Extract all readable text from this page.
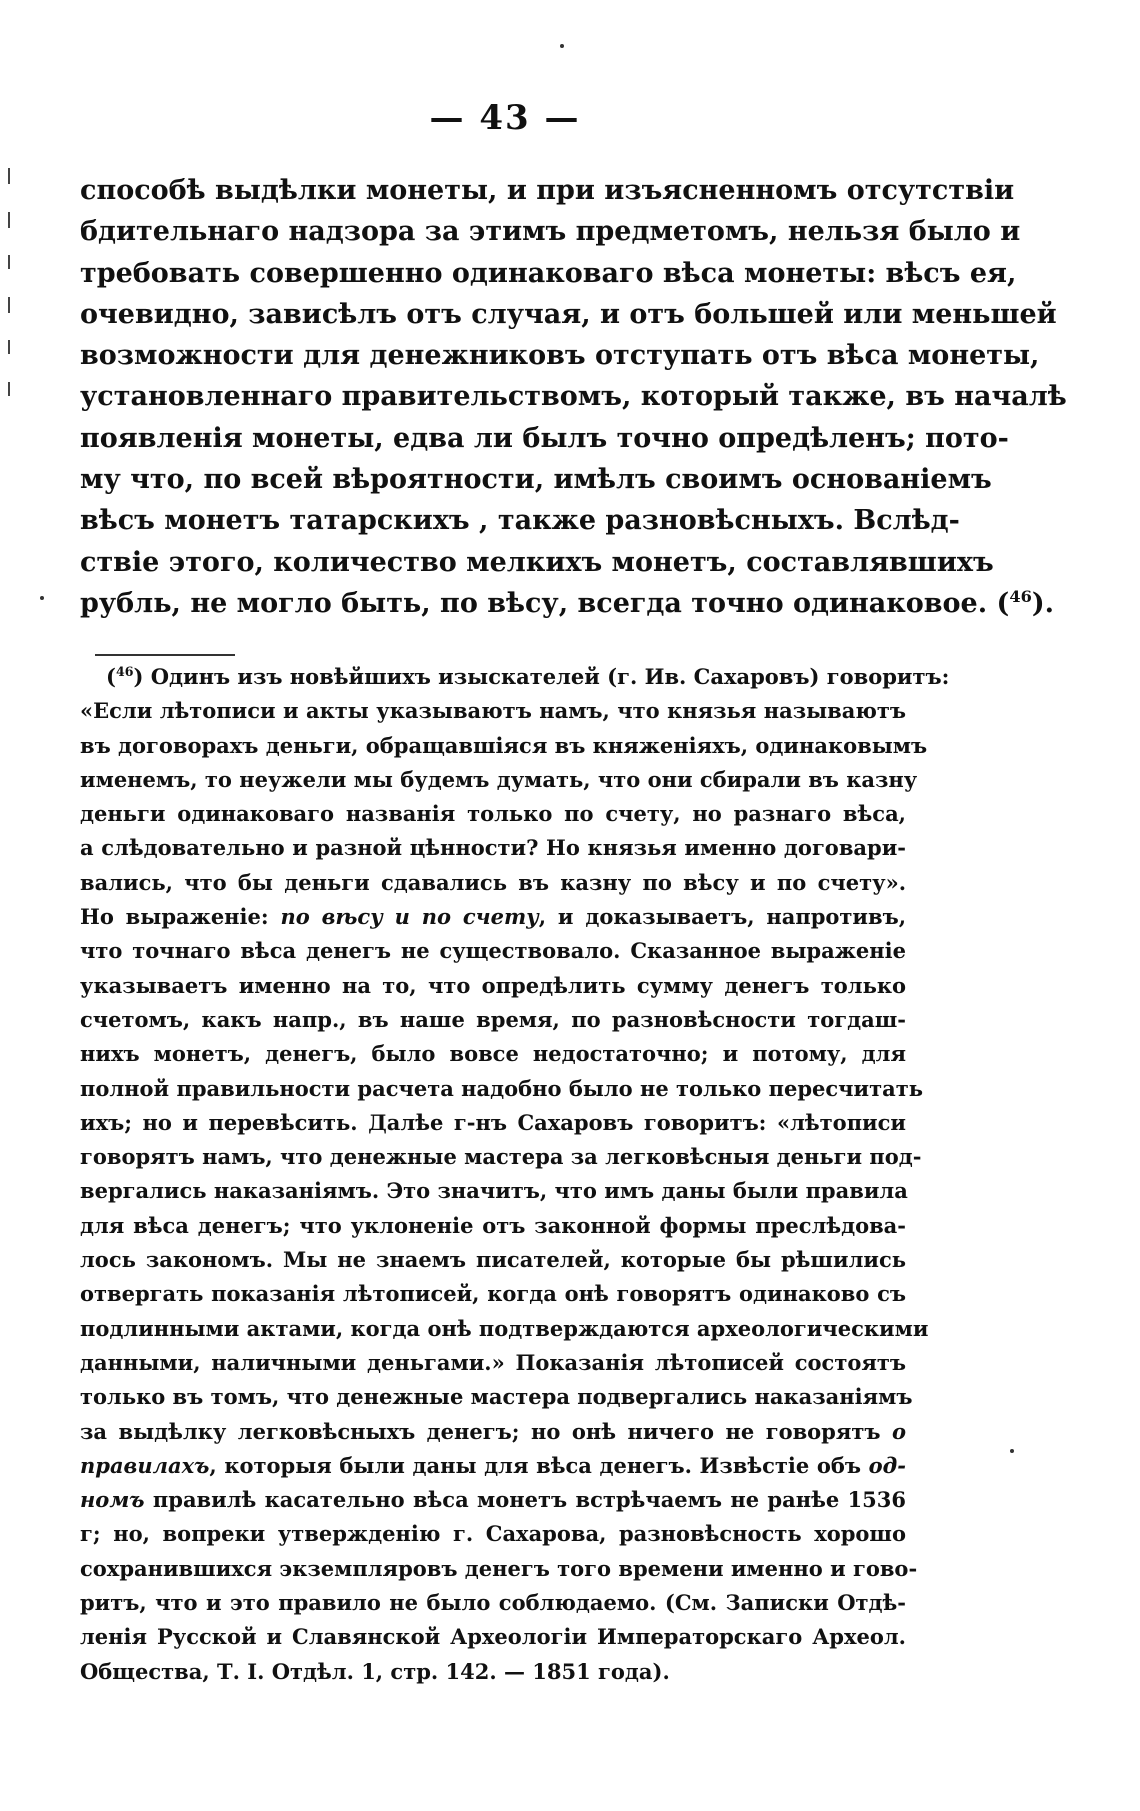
— 43 —
способѣ выдѣлки монеты, и при изъясненномъ отсутствіи
бдительнаго надзора за этимъ предметомъ, нельзя было и
требовать совершенно одинаковаго вѣса монеты: вѣсъ ея,
очевидно, зависѣлъ отъ случая, и отъ большей или меньшей
возможности для денежниковъ отступать отъ вѣса монеты,
установленнаго правительствомъ, который также, въ началѣ
появленія монеты, едва ли былъ точно опредѣленъ; пото-
му что, по всей вѣроятности, имѣлъ своимъ основаніемъ
вѣсъ монетъ татарскихъ , также разновѣсныхъ. Вслѣд-
ствіе этого, количество мелкихъ монетъ, составлявшихъ
рубль, не могло быть, по вѣсу, всегда точно одинаковое. ($^{46}$).
($^{46}$) Одинъ изъ новѣйшихъ изыскателей (г. Ив. Сахаровъ) говоритъ:
«Если лѣтописи и акты указываютъ намъ, что князья называютъ
въ договорахъ деньги, обращавшіяся въ княженіяхъ, одинаковымъ
именемъ, то неужели мы будемъ думать, что они сбирали въ казну
деньги одинаковаго названія только по счету, но разнаго вѣса,
а слѣдовательно и разной цѣнности? Но князья именно договари-
вались, что бы деньги сдавались въ казну по вѣсу и по счету».
Но выраженіе: по вѣсу и по счету, и доказываетъ, напротивъ,
что точнаго вѣса денегъ не существовало. Сказанное выраженіе
указываетъ именно на то, что опредѣлить сумму денегъ только
счетомъ, какъ напр., въ наше время, по разновѣсности тогдаш-
нихъ монетъ, денегъ, было вовсе недостаточно; и потому, для
полной правильности расчета надобно было не только пересчитать
ихъ; но и перевѣсить. Далѣе г-нъ Сахаровъ говоритъ: «лѣтописи
говорятъ намъ, что денежные мастера за легковѣсныя деньги под-
вергались наказаніямъ. Это значитъ, что имъ даны были правила
для вѣса денегъ; что уклоненіе отъ законной формы преслѣдова-
лось закономъ. Мы не знаемъ писателей, которые бы рѣшились
отвергать показанія лѣтописей, когда онѣ говорятъ одинаково съ
подлинными актами, когда онѣ подтверждаются археологическими
данными, наличными деньгами.» Показанія лѣтописей состоятъ
только въ томъ, что денежные мастера подвергались наказаніямъ
за выдѣлку легковѣсныхъ денегъ; но онѣ ничего не говорятъ о
правилахъ, которыя были даны для вѣса денегъ. Извѣстіе объ од-
номъ правилѣ касательно вѣса монетъ встрѣчаемъ не ранѣе 1536
г; но, вопреки утвержденію г. Сахарова, разновѣсность хорошо
сохранившихся экземпляровъ денегъ того времени именно и гово-
ритъ, что и это правило не было соблюдаемо. (См. Записки Отдѣ-
ленія Русской и Славянской Археологіи Императорскаго Археол.
Общества, Т. I. Отдѣл. 1, стр. 142. — 1851 года).
